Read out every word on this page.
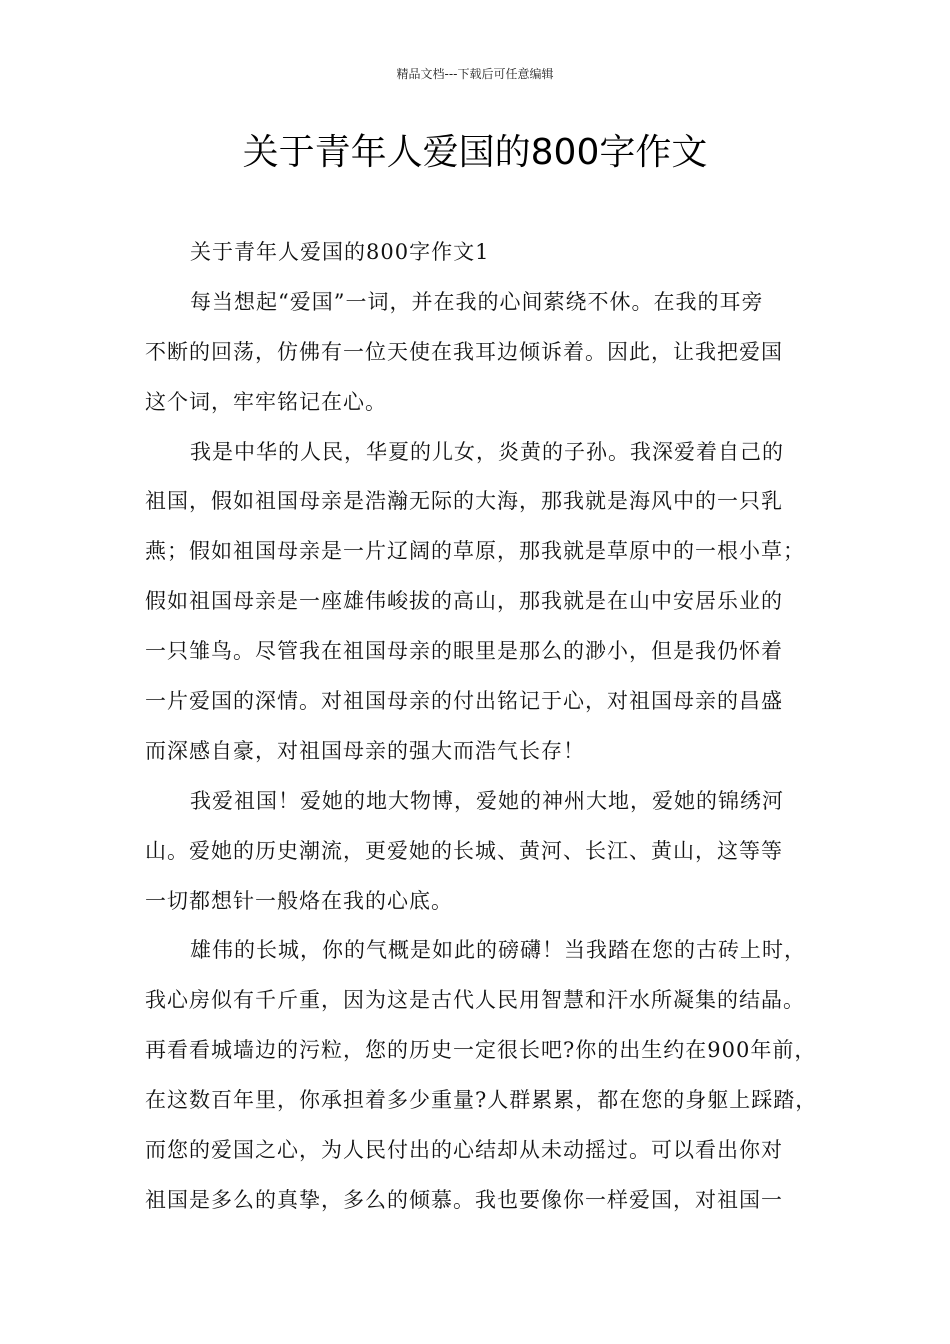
精品文档---下载后可任意编辑
关于青年人爱国的800字作文
关于青年人爱国的800字作文1
每当想起“爱国”一词，并在我的心间萦绕不休。在我的耳旁
不断的回荡，仿佛有一位天使在我耳边倾诉着。因此，让我把爱国
这个词，牢牢铭记在心。
我是中华的人民，华夏的儿女，炎黄的子孙。我深爱着自己的
祖国，假如祖国母亲是浩瀚无际的大海，那我就是海风中的一只乳
燕；假如祖国母亲是一片辽阔的草原，那我就是草原中的一根小草；
假如祖国母亲是一座雄伟峻拔的高山，那我就是在山中安居乐业的
一只雏鸟。尽管我在祖国母亲的眼里是那么的渺小，但是我仍怀着
一片爱国的深情。对祖国母亲的付出铭记于心，对祖国母亲的昌盛
而深感自豪，对祖国母亲的强大而浩气长存！
我爱祖国！爱她的地大物博，爱她的神州大地，爱她的锦绣河
山。爱她的历史潮流，更爱她的长城、黄河、长江、黄山，这等等
一切都想针一般烙在我的心底。
雄伟的长城，你的气概是如此的磅礴！当我踏在您的古砖上时，
我心房似有千斤重，因为这是古代人民用智慧和汗水所凝集的结晶。
再看看城墙边的污粒，您的历史一定很长吧?你的出生约在900年前，
在这数百年里，你承担着多少重量?人群累累，都在您的身躯上踩踏，
而您的爱国之心，为人民付出的心结却从未动摇过。可以看出你对
祖国是多么的真挚，多么的倾慕。我也要像你一样爱国，对祖国一
